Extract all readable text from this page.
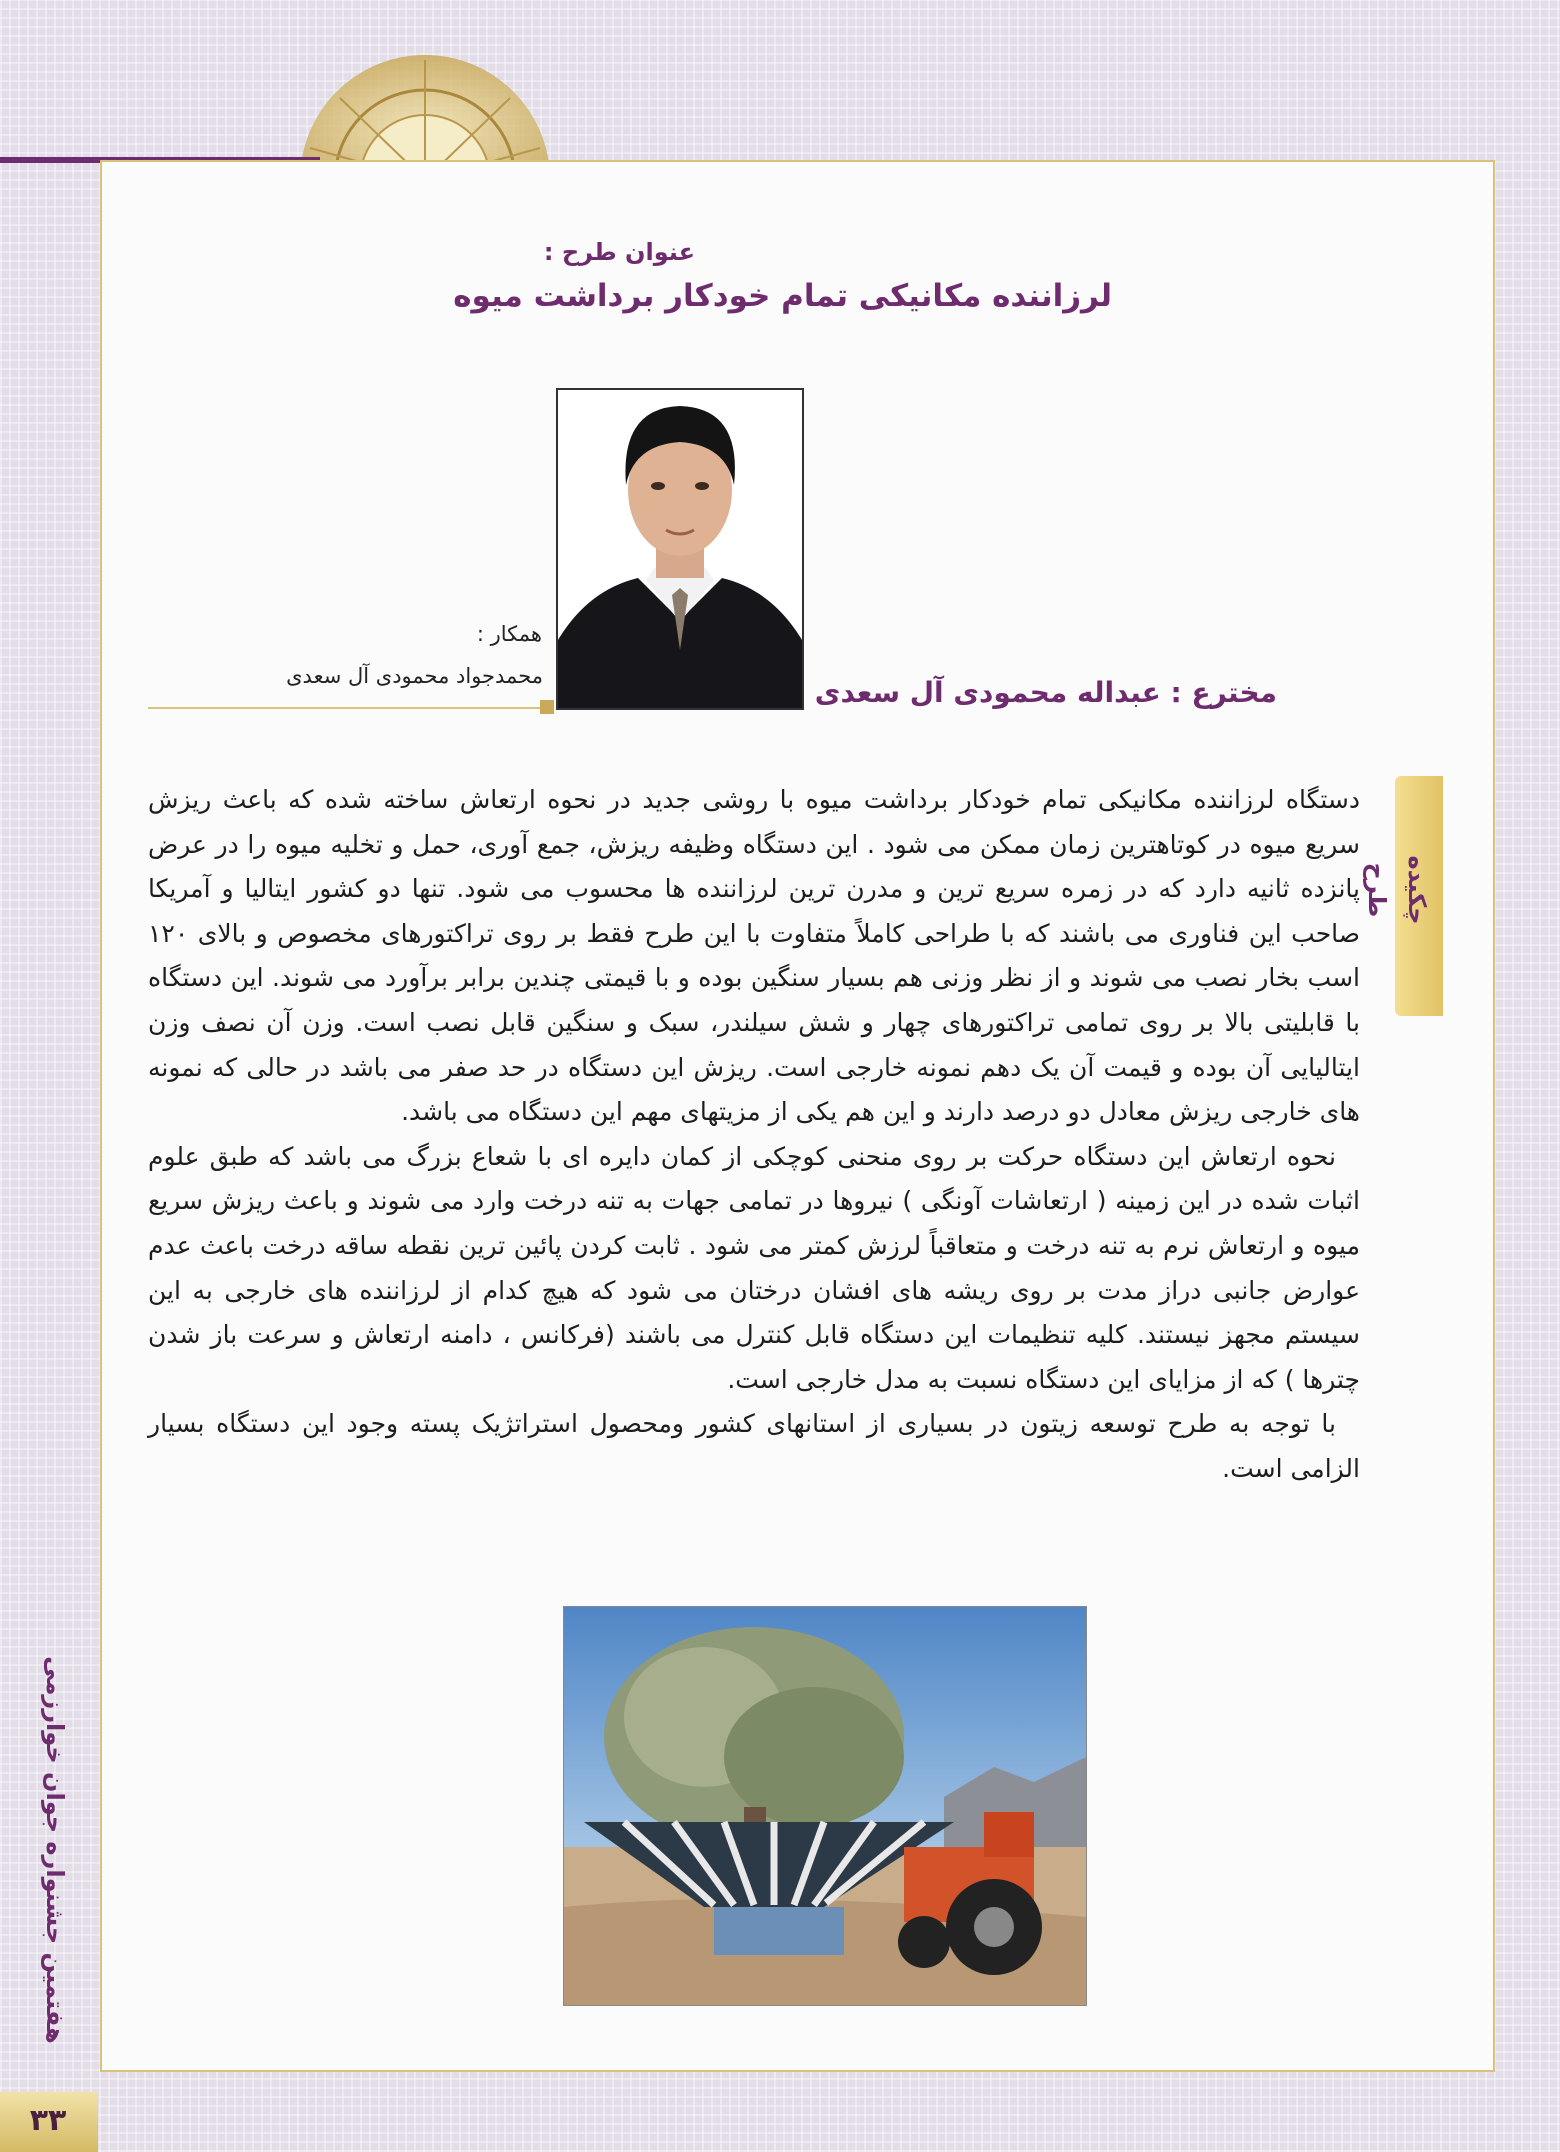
عنوان طرح :
لرزاننده مکانیکی تمام خودکار برداشت میوه
همکار :
محمدجواد محمودی آل سعدی	مخترع : عبداله محمودی آل سعدی
چکیده طرح

دستگاه لرزاننده مکانیکی تمام خودکار برداشت میوه با روشی جدید در نحوه ارتعاش ساخته شده که باعث ریزش سریع میوه در کوتاهترین زمان ممکن می شود . این دستگاه وظیفه ریزش، جمع آوری، حمل و تخلیه میوه را در عرض پانزده ثانیه دارد که در زمره سریع ترین و مدرن ترین لرزاننده ها محسوب می شود. تنها دو کشور ایتالیا و آمریکا صاحب این فناوری می باشند که با طراحی کاملاً متفاوت با این طرح فقط بر روی تراکتورهای مخصوص و بالای ۱۲۰ اسب بخار نصب می شوند و از نظر وزنی هم بسیار سنگین بوده و با قیمتی چندین برابر برآورد می شوند. این دستگاه با قابلیتی بالا بر روی تمامی تراکتورهای چهار و شش سیلندر، سبک و سنگین قابل نصب است. وزن آن نصف وزن ایتالیایی آن بوده و قیمت آن یک دهم نمونه خارجی است. ریزش این دستگاه در حد صفر می باشد در حالی که نمونه های خارجی ریزش معادل دو درصد دارند و این هم یکی از مزیتهای مهم این دستگاه می باشد.

نحوه ارتعاش این دستگاه حرکت بر روی منحنی کوچکی از کمان دایره ای با شعاع بزرگ می باشد که طبق علوم اثبات شده در این زمینه ( ارتعاشات آونگی ) نیروها در تمامی جهات به تنه درخت وارد می شوند و باعث ریزش سریع میوه و ارتعاش نرم به تنه درخت و متعاقباً لرزش کمتر می شود . ثابت کردن پائین ترین نقطه ساقه درخت باعث عدم عوارض جانبی دراز مدت بر روی ریشه های افشان درختان می شود که هیچ کدام از لرزاننده های خارجی به این سیستم مجهز نیستند. کلیه تنظیمات این دستگاه قابل کنترل می باشند (فرکانس ، دامنه ارتعاش و سرعت باز شدن چترها ) که از مزایای این دستگاه نسبت به مدل خارجی است.

با توجه به طرح توسعه زیتون در بسیاری از استانهای کشور ومحصول استراتژیک پسته وجود این دستگاه بسیار الزامی است.

هفتمین جشنواره جوان خوارزمی
۳۳
